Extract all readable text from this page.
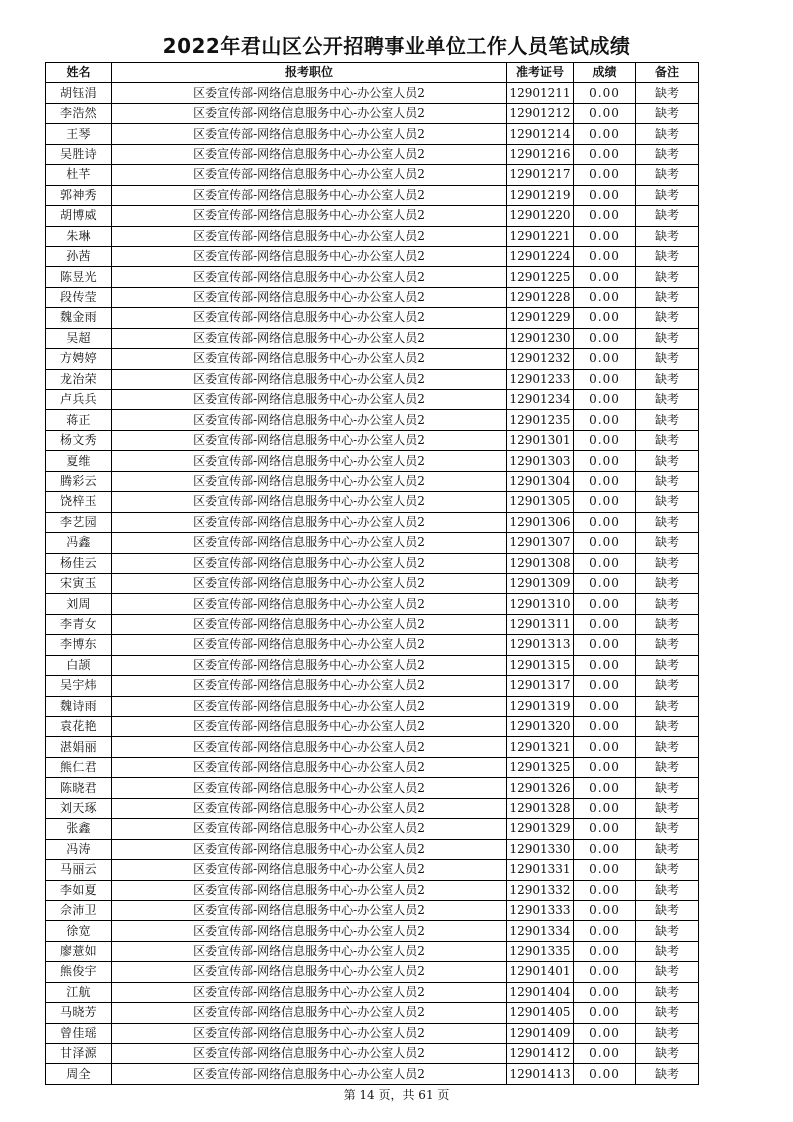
2022年君山区公开招聘事业单位工作人员笔试成绩
姓名	报考职位	准考证号	成绩	备注
胡钰涓	区委宣传部-网络信息服务中心-办公室人员2	12901211	0.00	缺考
李浩然	区委宣传部-网络信息服务中心-办公室人员2	12901212	0.00	缺考
王琴	区委宣传部-网络信息服务中心-办公室人员2	12901214	0.00	缺考
吴胜诗	区委宣传部-网络信息服务中心-办公室人员2	12901216	0.00	缺考
杜芊	区委宣传部-网络信息服务中心-办公室人员2	12901217	0.00	缺考
郭神秀	区委宣传部-网络信息服务中心-办公室人员2	12901219	0.00	缺考
胡博威	区委宣传部-网络信息服务中心-办公室人员2	12901220	0.00	缺考
朱琳	区委宣传部-网络信息服务中心-办公室人员2	12901221	0.00	缺考
孙茜	区委宣传部-网络信息服务中心-办公室人员2	12901224	0.00	缺考
陈昱光	区委宣传部-网络信息服务中心-办公室人员2	12901225	0.00	缺考
段传莹	区委宣传部-网络信息服务中心-办公室人员2	12901228	0.00	缺考
魏金雨	区委宣传部-网络信息服务中心-办公室人员2	12901229	0.00	缺考
吴超	区委宣传部-网络信息服务中心-办公室人员2	12901230	0.00	缺考
方娉婷	区委宣传部-网络信息服务中心-办公室人员2	12901232	0.00	缺考
龙治荣	区委宣传部-网络信息服务中心-办公室人员2	12901233	0.00	缺考
卢兵兵	区委宣传部-网络信息服务中心-办公室人员2	12901234	0.00	缺考
蒋正	区委宣传部-网络信息服务中心-办公室人员2	12901235	0.00	缺考
杨文秀	区委宣传部-网络信息服务中心-办公室人员2	12901301	0.00	缺考
夏维	区委宣传部-网络信息服务中心-办公室人员2	12901303	0.00	缺考
腾彩云	区委宣传部-网络信息服务中心-办公室人员2	12901304	0.00	缺考
饶梓玉	区委宣传部-网络信息服务中心-办公室人员2	12901305	0.00	缺考
李艺园	区委宣传部-网络信息服务中心-办公室人员2	12901306	0.00	缺考
冯鑫	区委宣传部-网络信息服务中心-办公室人员2	12901307	0.00	缺考
杨佳云	区委宣传部-网络信息服务中心-办公室人员2	12901308	0.00	缺考
宋寅玉	区委宣传部-网络信息服务中心-办公室人员2	12901309	0.00	缺考
刘周	区委宣传部-网络信息服务中心-办公室人员2	12901310	0.00	缺考
李青女	区委宣传部-网络信息服务中心-办公室人员2	12901311	0.00	缺考
李博东	区委宣传部-网络信息服务中心-办公室人员2	12901313	0.00	缺考
白颉	区委宣传部-网络信息服务中心-办公室人员2	12901315	0.00	缺考
吴宇炜	区委宣传部-网络信息服务中心-办公室人员2	12901317	0.00	缺考
魏诗雨	区委宣传部-网络信息服务中心-办公室人员2	12901319	0.00	缺考
袁花艳	区委宣传部-网络信息服务中心-办公室人员2	12901320	0.00	缺考
湛娟丽	区委宣传部-网络信息服务中心-办公室人员2	12901321	0.00	缺考
熊仁君	区委宣传部-网络信息服务中心-办公室人员2	12901325	0.00	缺考
陈晓君	区委宣传部-网络信息服务中心-办公室人员2	12901326	0.00	缺考
刘天琢	区委宣传部-网络信息服务中心-办公室人员2	12901328	0.00	缺考
张鑫	区委宣传部-网络信息服务中心-办公室人员2	12901329	0.00	缺考
冯涛	区委宣传部-网络信息服务中心-办公室人员2	12901330	0.00	缺考
马丽云	区委宣传部-网络信息服务中心-办公室人员2	12901331	0.00	缺考
李如夏	区委宣传部-网络信息服务中心-办公室人员2	12901332	0.00	缺考
佘沛卫	区委宣传部-网络信息服务中心-办公室人员2	12901333	0.00	缺考
徐宽	区委宣传部-网络信息服务中心-办公室人员2	12901334	0.00	缺考
廖薏如	区委宣传部-网络信息服务中心-办公室人员2	12901335	0.00	缺考
熊俊宇	区委宣传部-网络信息服务中心-办公室人员2	12901401	0.00	缺考
江航	区委宣传部-网络信息服务中心-办公室人员2	12901404	0.00	缺考
马晓芳	区委宣传部-网络信息服务中心-办公室人员2	12901405	0.00	缺考
曾佳瑶	区委宣传部-网络信息服务中心-办公室人员2	12901409	0.00	缺考
甘泽源	区委宣传部-网络信息服务中心-办公室人员2	12901412	0.00	缺考
周全	区委宣传部-网络信息服务中心-办公室人员2	12901413	0.00	缺考
第 14 页，共 61 页
